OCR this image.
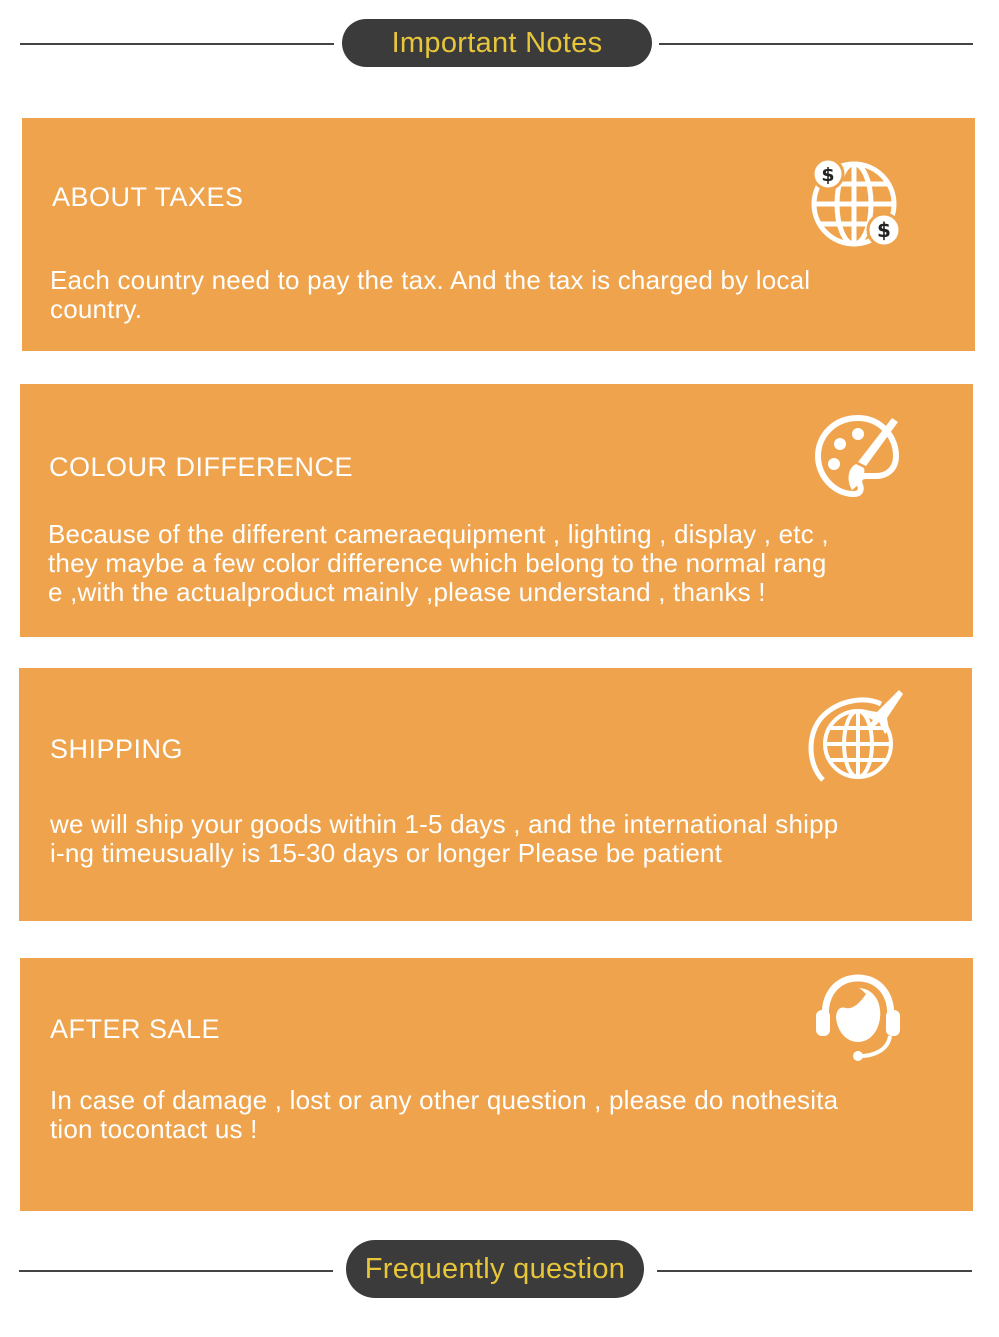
Important Notes
ABOUT TAXES
Each country need to pay the tax. And the tax is charged by local
country.
$
$
COLOUR DIFFERENCE
Because of the different cameraequipment , lighting , display , etc ,
they maybe a few color difference which belong to the normal rang
e ,with the actualproduct mainly ,please understand , thanks !
SHIPPING
we will ship your goods within 1-5 days , and the international shipp
i-ng timeusually is 15-30 days or longer Please be patient
AFTER SALE
In case of damage , lost or any other question , please do nothesita
tion tocontact us !
Frequently question
